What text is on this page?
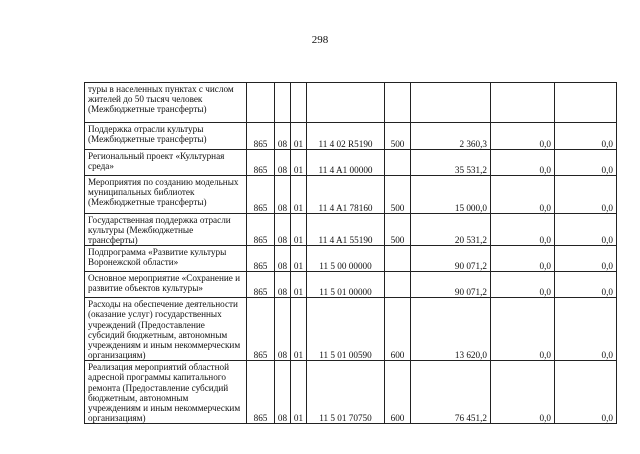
298
туры в населенных пунктах с числом жителей до 50 тысяч человек (Межбюджетные трансферты)								
Поддержка отрасли культуры (Межбюджетные трансферты)	865	08	01	11 4 02 R5190	500	2 360,3	0,0	0,0
Региональный проект «Культурная среда»	865	08	01	11 4 A1 00000		35 531,2	0,0	0,0
Мероприятия по созданию модельных муниципальных библиотек (Межбюджетные трансферты)	865	08	01	11 4 A1 78160	500	15 000,0	0,0	0,0
Государственная поддержка отрасли культуры (Межбюджетные трансферты)	865	08	01	11 4 A1 55190	500	20 531,2	0,0	0,0
Подпрограмма «Развитие культуры Воронежской области»	865	08	01	11 5 00 00000		90 071,2	0,0	0,0
Основное мероприятие «Сохранение и развитие объектов культуры»	865	08	01	11 5 01 00000		90 071,2	0,0	0,0
Расходы на обеспечение деятельности (оказание услуг) государственных учреждений (Предоставление субсидий бюджетным, автономным учреждениям и иным некоммерческим организациям)	865	08	01	11 5 01 00590	600	13 620,0	0,0	0,0
Реализация мероприятий областной адресной программы капитального ремонта (Предоставление субсидий бюджетным, автономным учреждениям и иным некоммерческим организациям)	865	08	01	11 5 01 70750	600	76 451,2	0,0	0,0
